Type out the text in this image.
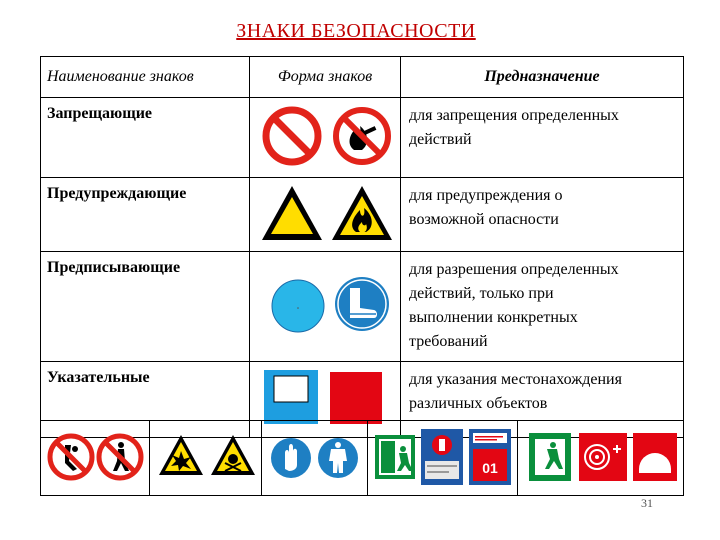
ЗНАКИ БЕЗОПАСНОСТИ
Наименование знаков	Форма знаков	Предназначение
Запрещающие		для запрещения определенных
действий

Предупреждающие		для предупреждения о
возможной опасности

Предписывающие		для разрешения определенных
действий, только при
выполнении конкретных
требований

Указательные		для указания местонахождения
различных объектов
01
31
